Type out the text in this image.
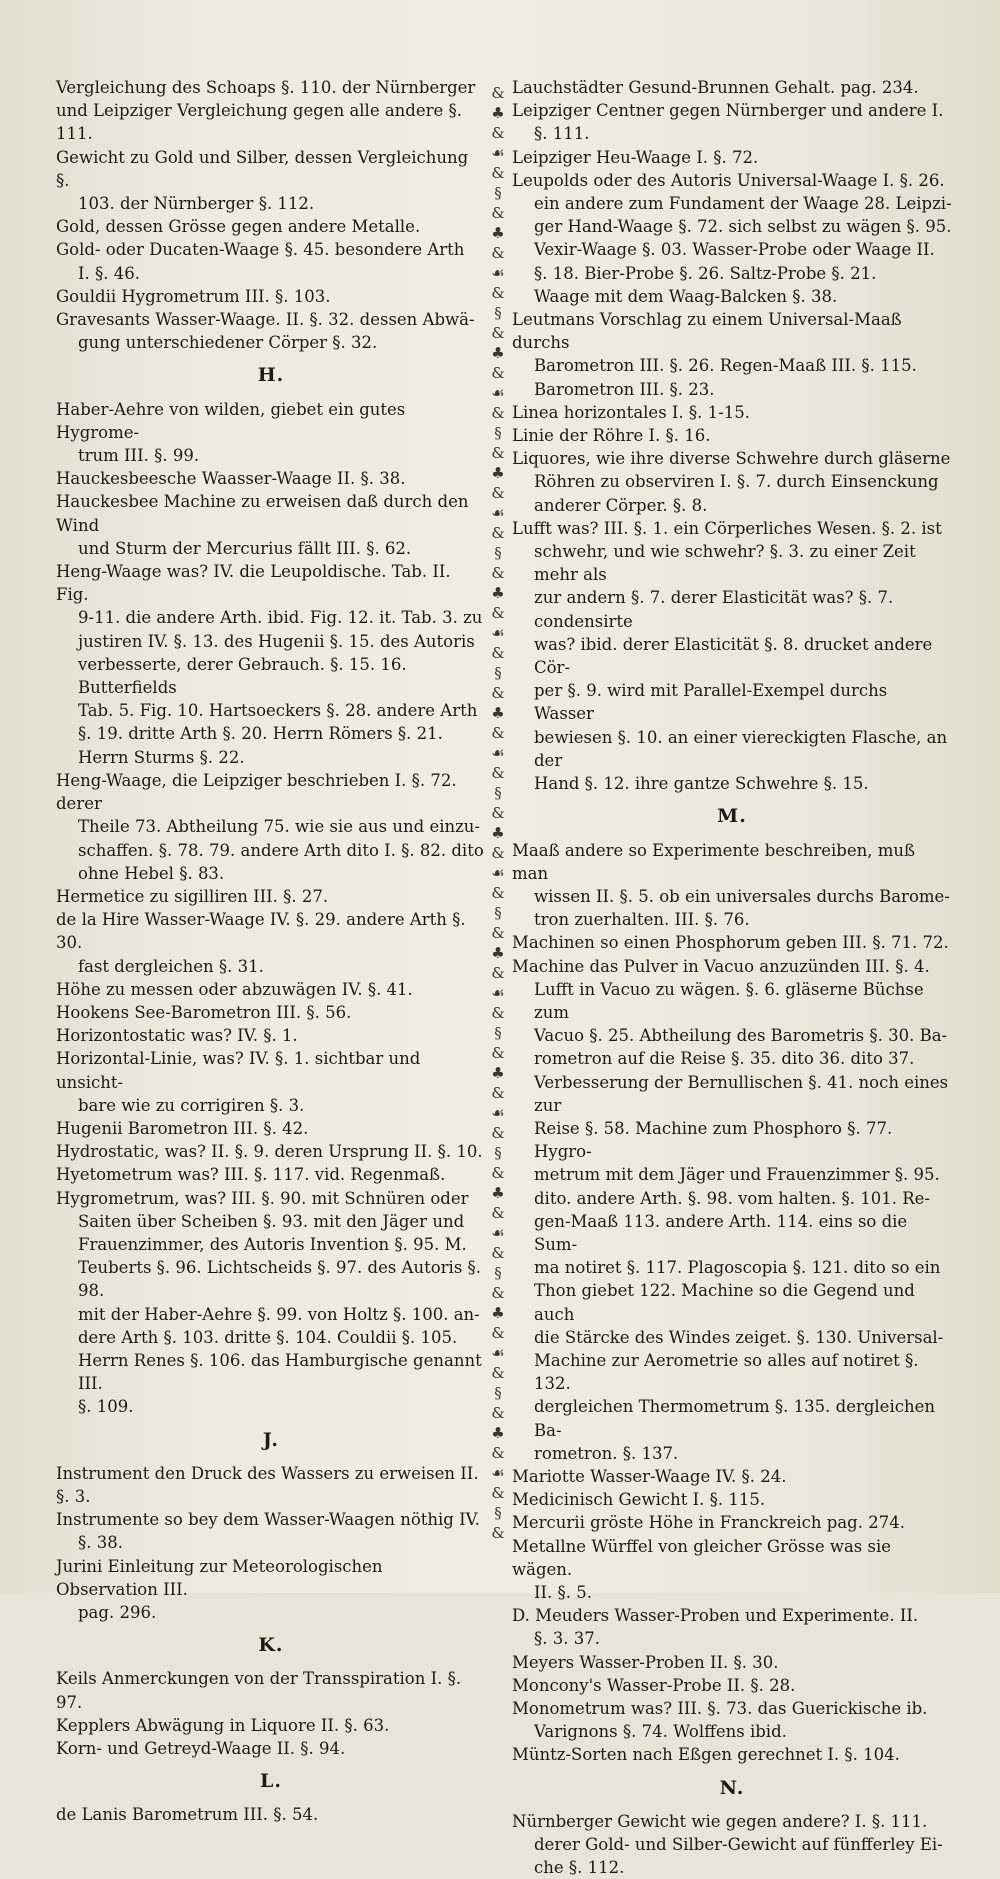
Vergleichung des Schoaps §. 110. der Nürnberger
und Leipziger Vergleichung gegen alle andere §. 111.
Gewicht zu Gold und Silber, dessen Vergleichung §.
103. der Nürnberger §. 112.
Gold, dessen Grösse gegen andere Metalle.
Gold- oder Ducaten-Waage §. 45. besondere Arth
I. §. 46.
Gouldii Hygrometrum III. §. 103.
Gravesants Wasser-Waage. II. §. 32. dessen Abwä-
gung unterschiedener Cörper §. 32.
H.
Haber-Aehre von wilden, giebet ein gutes Hygrome-
trum III. §. 99.
Hauckesbeesche Waasser-Waage II. §. 38.
Hauckesbee Machine zu erweisen daß durch den Wind
und Sturm der Mercurius fällt III. §. 62.
Heng-Waage was? IV. die Leupoldische. Tab. II. Fig.
9-11. die andere Arth. ibid. Fig. 12. it. Tab. 3. zu
justiren IV. §. 13. des Hugenii §. 15. des Autoris
verbesserte, derer Gebrauch. §. 15. 16. Butterfields
Tab. 5. Fig. 10. Hartsoeckers §. 28. andere Arth
§. 19. dritte Arth §. 20. Herrn Römers §. 21.
Herrn Sturms §. 22.
Heng-Waage, die Leipziger beschrieben I. §. 72. derer
Theile 73. Abtheilung 75. wie sie aus und einzu-
schaffen. §. 78. 79. andere Arth dito I. §. 82. dito
ohne Hebel §. 83.
Hermetice zu sigilliren III. §. 27.
de la Hire Wasser-Waage IV. §. 29. andere Arth §. 30.
fast dergleichen §. 31.
Höhe zu messen oder abzuwägen IV. §. 41.
Hookens See-Barometron III. §. 56.
Horizontostatic was? IV. §. 1.
Horizontal-Linie, was? IV. §. 1. sichtbar und unsicht-
bare wie zu corrigiren §. 3.
Hugenii Barometron III. §. 42.
Hydrostatic, was? II. §. 9. deren Ursprung II. §. 10.
Hyetometrum was? III. §. 117. vid. Regenmaß.
Hygrometrum, was? III. §. 90. mit Schnüren oder
Saiten über Scheiben §. 93. mit den Jäger und
Frauenzimmer, des Autoris Invention §. 95. M.
Teuberts §. 96. Lichtscheids §. 97. des Autoris §. 98.
mit der Haber-Aehre §. 99. von Holtz §. 100. an-
dere Arth §. 103. dritte §. 104. Couldii §. 105.
Herrn Renes §. 106. das Hamburgische genannt III.
§. 109.
J.
Instrument den Druck des Wassers zu erweisen II. §. 3.
Instrumente so bey dem Wasser-Waagen nöthig IV.
§. 38.
Jurini Einleitung zur Meteorologischen Observation III.
pag. 296.
K.
Keils Anmerckungen von der Transspiration I. §. 97.
Kepplers Abwägung in Liquore II. §. 63.
Korn- und Getreyd-Waage II. §. 94.
L.
de Lanis Barometrum III. §. 54.
&
♣
&
☙
&
§
&
♣
&
☙
&
§
&
♣
&
☙
&
§
&
♣
&
☙
&
§
&
♣
&
☙
&
§
&
♣
&
☙
&
§
&
♣
&
☙
&
§
&
♣
&
☙
&
§
&
♣
&
☙
&
§
&
♣
&
☙
&
§
&
♣
&
☙
&
§
&
♣
&
☙
&
§
&
Lauchstädter Gesund-Brunnen Gehalt. pag. 234.
Leipziger Centner gegen Nürnberger und andere I.
§. 111.
Leipziger Heu-Waage I. §. 72.
Leupolds oder des Autoris Universal-Waage I. §. 26.
ein andere zum Fundament der Waage 28. Leipzi-
ger Hand-Waage §. 72. sich selbst zu wägen §. 95.
Vexir-Waage §. 03. Wasser-Probe oder Waage II.
§. 18. Bier-Probe §. 26. Saltz-Probe §. 21.
Waage mit dem Waag-Balcken §. 38.
Leutmans Vorschlag zu einem Universal-Maaß durchs
Barometron III. §. 26. Regen-Maaß III. §. 115.
Barometron III. §. 23.
Linea horizontales I. §. 1-15.
Linie der Röhre I. §. 16.
Liquores, wie ihre diverse Schwehre durch gläserne
Röhren zu observiren I. §. 7. durch Einsenckung
anderer Cörper. §. 8.
Lufft was? III. §. 1. ein Cörperliches Wesen. §. 2. ist
schwehr, und wie schwehr? §. 3. zu einer Zeit mehr als
zur andern §. 7. derer Elasticität was? §. 7. condensirte
was? ibid. derer Elasticität §. 8. drucket andere Cör-
per §. 9. wird mit Parallel-Exempel durchs Wasser
bewiesen §. 10. an einer viereckigten Flasche, an der
Hand §. 12. ihre gantze Schwehre §. 15.
M.
Maaß andere so Experimente beschreiben, muß man
wissen II. §. 5. ob ein universales durchs Barome-
tron zuerhalten. III. §. 76.
Machinen so einen Phosphorum geben III. §. 71. 72.
Machine das Pulver in Vacuo anzuzünden III. §. 4.
Lufft in Vacuo zu wägen. §. 6. gläserne Büchse zum
Vacuo §. 25. Abtheilung des Barometris §. 30. Ba-
rometron auf die Reise §. 35. dito 36. dito 37.
Verbesserung der Bernullischen §. 41. noch eines zur
Reise §. 58. Machine zum Phosphoro §. 77. Hygro-
metrum mit dem Jäger und Frauenzimmer §. 95.
dito. andere Arth. §. 98. vom halten. §. 101. Re-
gen-Maaß 113. andere Arth. 114. eins so die Sum-
ma notiret §. 117. Plagoscopia §. 121. dito so ein
Thon giebet 122. Machine so die Gegend und auch
die Stärcke des Windes zeiget. §. 130. Universal-
Machine zur Aerometrie so alles auf notiret §. 132.
dergleichen Thermometrum §. 135. dergleichen Ba-
rometron. §. 137.
Mariotte Wasser-Waage IV. §. 24.
Medicinisch Gewicht I. §. 115.
Mercurii gröste Höhe in Franckreich pag. 274.
Metallne Würffel von gleicher Grösse was sie wägen.
II. §. 5.
D. Meuders Wasser-Proben und Experimente. II.
§. 3. 37.
Meyers Wasser-Proben II. §. 30.
Moncony's Wasser-Probe II. §. 28.
Monometrum was? III. §. 73. das Guerickische ib.
Varignons §. 74. Wolffens ibid.
Müntz-Sorten nach Eßgen gerechnet I. §. 104.
N.
Nürnberger Gewicht wie gegen andere? I. §. 111.
derer Gold- und Silber-Gewicht auf fünfferley Ei-
che §. 112.
